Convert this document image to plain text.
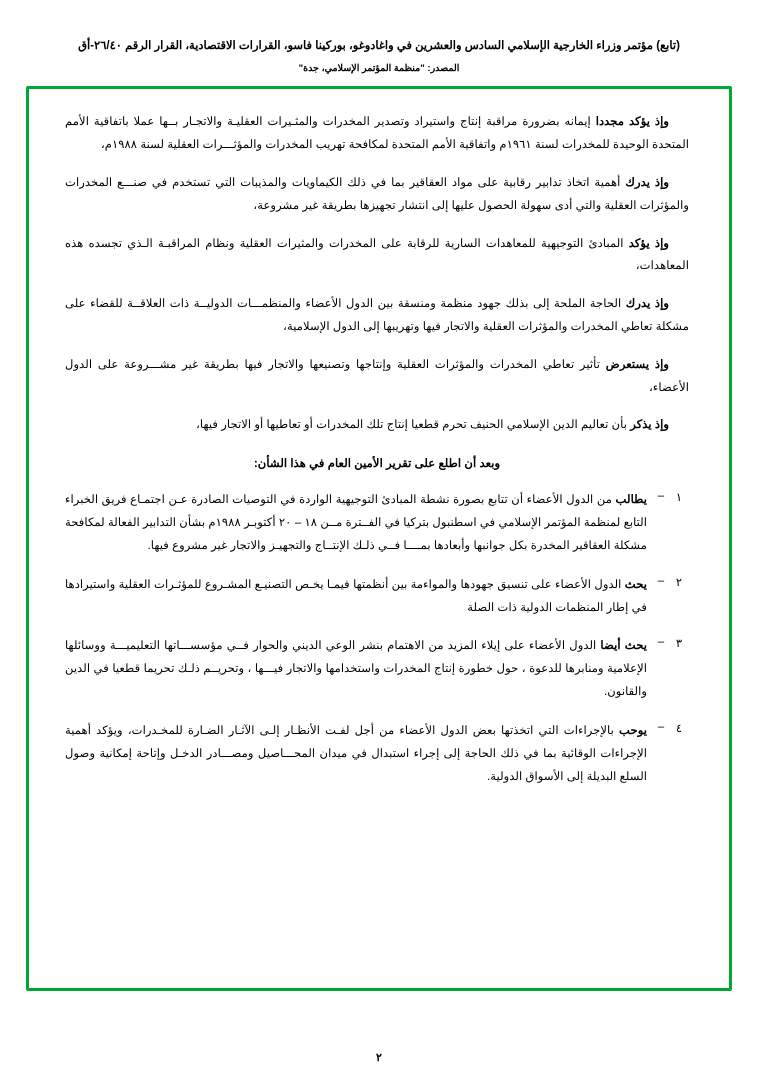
(تابع) مؤتمر وزراء الخارجية الإسلامي السادس والعشرين في واغادوغو، بوركينا فاسو، القرارات الاقتصادية، القرار الرقم ٢٦/٤٠-أق
المصدر: "منظمة المؤتمر الإسلامي، جدة"
وإذ يؤكد مجددا إيمانه بضرورة مراقبة إنتاج واستيراد وتصدير المخدرات والمثـيرات العقليـة والاتجـار بــها عملا باتفاقية الأمم المتحدة الوحيدة للمخدرات لسنة ١٩٦١م واتفاقية الأمم المتحدة لمكافحة تهريب المخدرات والمؤثـــرات العقلية لسنة ١٩٨٨م،
وإذ يدرك أهمية اتخاذ تدابير رقابية على مواد العقاقير بما في ذلك الكيماويات والمذيبات التي تستخدم في صنـــع المخدرات والمؤثرات العقلية والتي أدى سهولة الحصول عليها إلى انتشار تجهيزها بطريقة غير مشروعة،
وإذ يؤكد المبادئ التوجيهية للمعاهدات السارية للرقابة على المخدرات والمثيرات العقلية ونظام المراقبـة الـذي تجسده هذه المعاهدات،
وإذ يدرك الحاجة الملحة إلى بذلك جهود منظمة ومنسقة بين الدول الأعضاء والمنظمـــات الدوليــة ذات العلاقــة للقضاء على مشكلة تعاطي المخدرات والمؤثرات العقلية والاتجار فيها وتهريبها إلى الدول الإسلامية،
وإذ يستعرض تأثير تعاطي المخدرات والمؤثرات العقلية وإنتاجها وتصنيعها والاتجار فيها بطريقة غير مشـــروعة على الدول الأعضاء،
وإذ يذكر بأن تعاليم الدين الإسلامي الحنيف تحرم قطعيا إنتاج تلك المخدرات أو تعاطيها أو الاتجار فيها،
وبعد أن اطلع على تقرير الأمين العام في هذا الشأن:
١
–
يطالب من الدول الأعضاء أن تتابع بصورة نشطة المبادئ التوجيهية الواردة في التوصيات الصادرة عـن اجتمـاع فريق الخبراء التابع لمنظمة المؤتمر الإسلامي في اسطنبول بتركيا في الفــترة مــن ١٨ – ٢٠ أكتوبـر ١٩٨٨م بشأن التدابير الفعالة لمكافحة مشكلة العقاقير المخدرة بكل جوانبها وأبعادها بمــــا فــي ذلـك الإنتــاج والتجهيـز والاتجار غير مشروع فيها.
٢
–
يحث الدول الأعضاء على تنسيق جهودها والمواءمة بين أنظمتها فيمـا يخـص التصنيـع المشـروع للمؤثـرات العقلية واستيرادها في إطار المنظمات الدولية ذات الصلة
٣
–
يحث أيضا الدول الأعضاء على إيلاء المزيد من الاهتمام بنشر الوعي الديني والحوار فــي مؤسســـاتها التعليميـــة ووسائلها الإعلامية ومنابرها للدعوة ، حول خطورة إنتاج المخدرات واستخدامها والاتجار فيـــها ، وتحريــم ذلـك تحريما قطعيا في الدين والقانون.
٤
–
يوحب بالإجراءات التي اتخذتها بعض الدول الأعضاء من أجل لفـت الأنظـار إلـى الآثـار الضـارة للمخـدرات، ويؤكد أهمية الإجراءات الوقائية بما في ذلك الحاجة إلى إجراء استبدال في ميدان المحـــاصيل ومصـــادر الدخـل وإتاحة إمكانية وصول السلع البديلة إلى الأسواق الدولية.
٢
